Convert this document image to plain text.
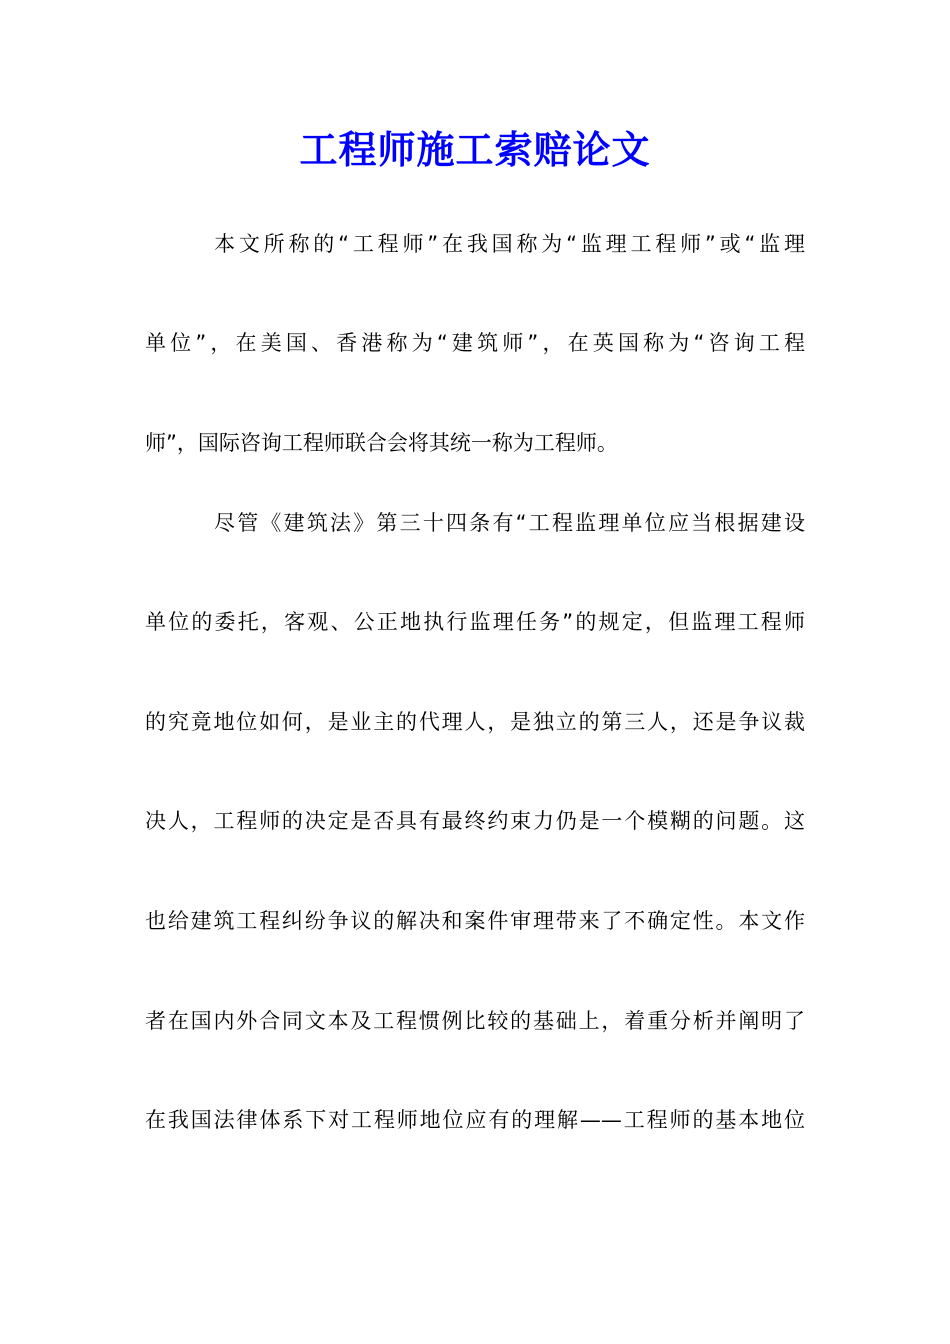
工程师施工索赔论文
本文所称的“工程师”在我国称为“监理工程师”或“监理
单位”，在美国、香港称为“建筑师”，在英国称为“咨询工程
师”，国际咨询工程师联合会将其统一称为工程师。
尽管《建筑法》第三十四条有“工程监理单位应当根据建设
单位的委托，客观、公正地执行监理任务”的规定，但监理工程师
的究竟地位如何，是业主的代理人，是独立的第三人，还是争议裁
决人，工程师的决定是否具有最终约束力仍是一个模糊的问题。这
也给建筑工程纠纷争议的解决和案件审理带来了不确定性。本文作
者在国内外合同文本及工程惯例比较的基础上，着重分析并阐明了
在我国法律体系下对工程师地位应有的理解——工程师的基本地位
